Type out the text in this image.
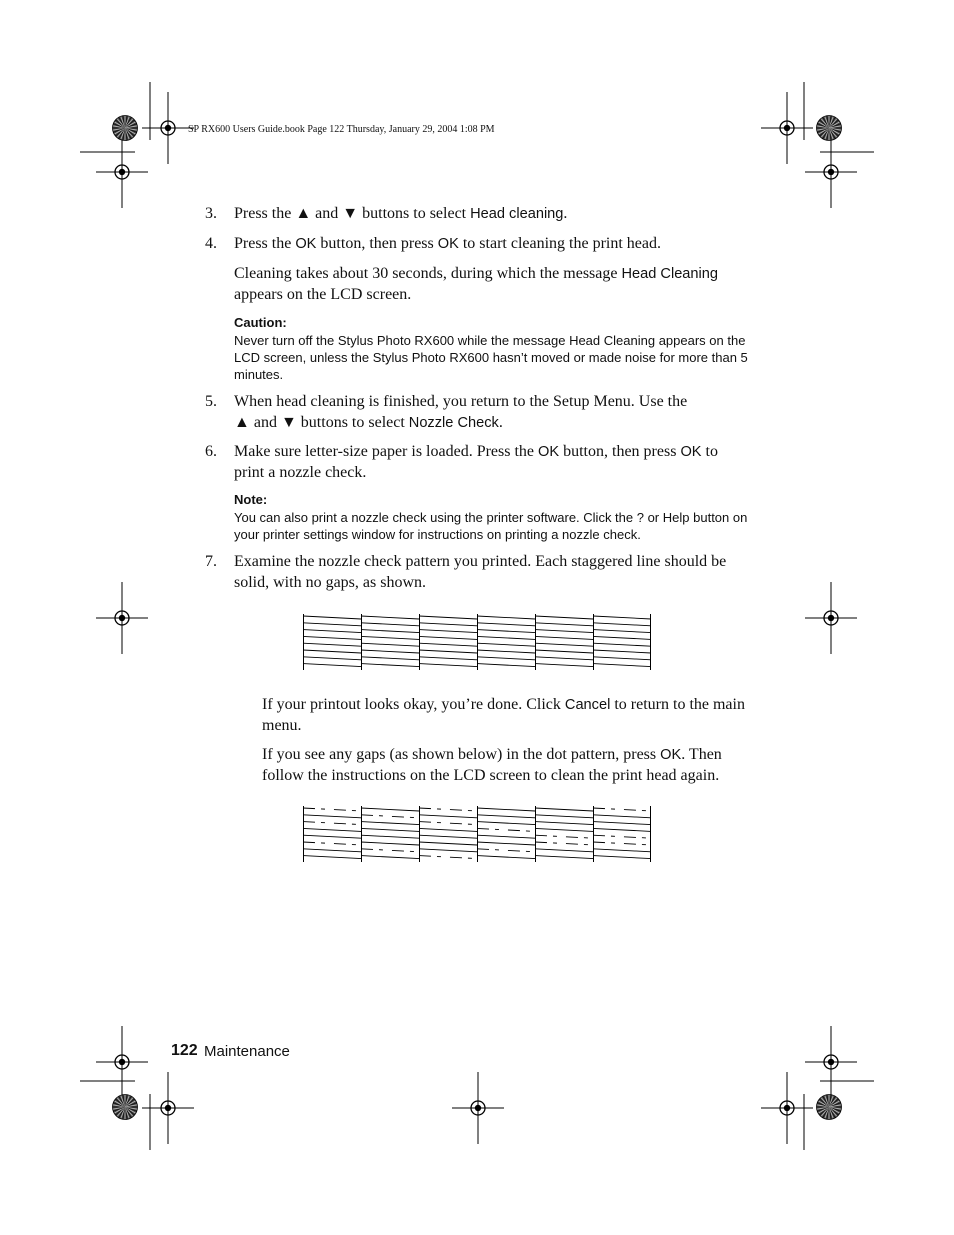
SP RX600 Users Guide.book Page 122 Thursday, January 29, 2004 1:08 PM
3. Press the ▲ and ▼ buttons to select Head cleaning.
4. Press the OK button, then press OK to start cleaning the print head.
Cleaning takes about 30 seconds, during which the message Head Cleaning
appears on the LCD screen.
Caution:
Never turn off the Stylus Photo RX600 while the message Head Cleaning appears on the LCD screen, unless the Stylus Photo RX600 hasn’t moved or made noise for more than 5 minutes.
5. When head cleaning is finished, you return to the Setup Menu. Use the
▲ and ▼ buttons to select Nozzle Check.
6. Make sure letter-size paper is loaded. Press the OK button, then press OK to print a nozzle check.
Note:
You can also print a nozzle check using the printer software. Click the ? or Help button on your printer settings window for instructions on printing a nozzle check.
7. Examine the nozzle check pattern you printed. Each staggered line should be solid, with no gaps, as shown.
If your printout looks okay, you’re done. Click Cancel to return to the main menu.
If you see any gaps (as shown below) in the dot pattern, press OK. Then follow the instructions on the LCD screen to clean the print head again.
122 Maintenance
